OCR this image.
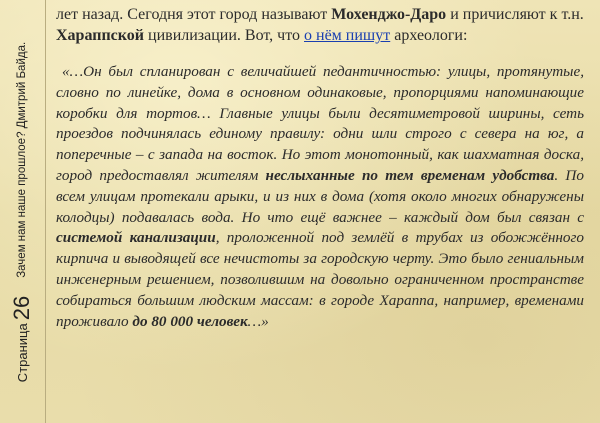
Страница
26
Зачем нам наше прошлое? Дмитрий Байда.

лет назад. Сегодня этот город называют Мохенджо-Даро и причисляют к т.н. Хараппской цивилизации. Вот, что о нём пишут археологи:

«…Он был спланирован с величайшей педантичностью: улицы, протянутые, словно по линейке, дома в основном одинаковые, пропорциями напоминающие коробки для тортов… Главные улицы были десятиметровой ширины, сеть проездов подчинялась единому правилу: одни шли строго с севера на юг, а поперечные – с запада на восток. Но этот монотонный, как шахматная доска, город предоставлял жителям неслыханные по тем временам удобства. По всем улицам протекали арыки, и из них в дома (хотя около многих обнаружены колодцы) подавалась вода. Но что ещё важнее – каждый дом был связан с системой канализации, проложенной под землёй в трубах из обожжённого кирпича и выводящей все нечистоты за городскую черту. Это было гениальным инженерным решением, позволившим на довольно ограниченном пространстве собираться большим людским массам: в городе Хараппа, например, временами проживало до 80 000 человек…»
